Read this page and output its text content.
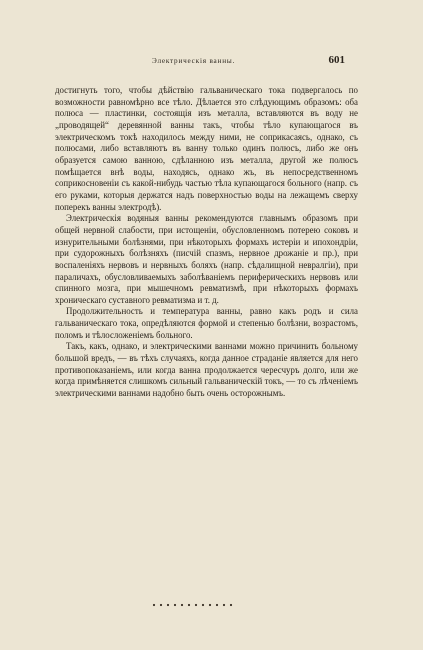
Электрическія ванны.	601

достигнуть того, чтобы дѣйствію гальваническаго тока подвергалось по возможности равномѣрно все тѣло. Дѣлается это слѣдующимъ образомъ: оба полюса — пластинки, состоящія изъ металла, вставляются въ воду не „проводящей“ деревянной ванны такъ, чтобы тѣло купающагося въ электрическомъ токѣ находилось между ними, не соприкасаясь, однако, съ полюсами, либо вставляютъ въ ванну только одинъ полюсъ, либо же онъ образуется самою ванною, сдѣланною изъ металла, другой же полюсъ помѣщается внѣ воды, находясь, однако жъ, въ непосредственномъ соприкосновеніи съ какой-нибудь частью тѣла купающагося больного (напр. съ его руками, которыя держатся надъ поверхностью воды на лежащемъ сверху поперекъ ванны электродѣ).

Электрическія водяныя ванны рекомендуются главнымъ образомъ при общей нервной слабости, при истощеніи, обусловленномъ потерею соковъ и изнурительными болѣзнями, при нѣкоторыхъ формахъ истеріи и ипохондріи, при судорожныхъ болѣзняхъ (писчій спазмъ, нервное дрожаніе и пр.), при воспаленіяхъ нервовъ и нервныхъ боляхъ (напр. сѣдалищной невралгіи), при параличахъ, обусловливаемыхъ заболѣваніемъ периферическихъ нервовъ или спинного мозга, при мышечномъ ревматизмѣ, при нѣкоторыхъ формахъ хроническаго суставного ревматизма и т. д.

Продолжительность и температура ванны, равно какъ родъ и сила гальваническаго тока, опредѣляются формой и степенью болѣзни, возрастомъ, поломъ и тѣлосложеніемъ больного.

Такъ, какъ, однако, и электрическими ваннами можно причинить больному большой вредъ, — въ тѣхъ случаяхъ, когда данное страданіе является для него противопоказаніемъ, или когда ванна продолжается чересчуръ долго, или же когда примѣняется слишкомъ сильный гальваническій токъ, — то съ лѣченіемъ электрическими ваннами надобно быть очень осторожнымъ.
